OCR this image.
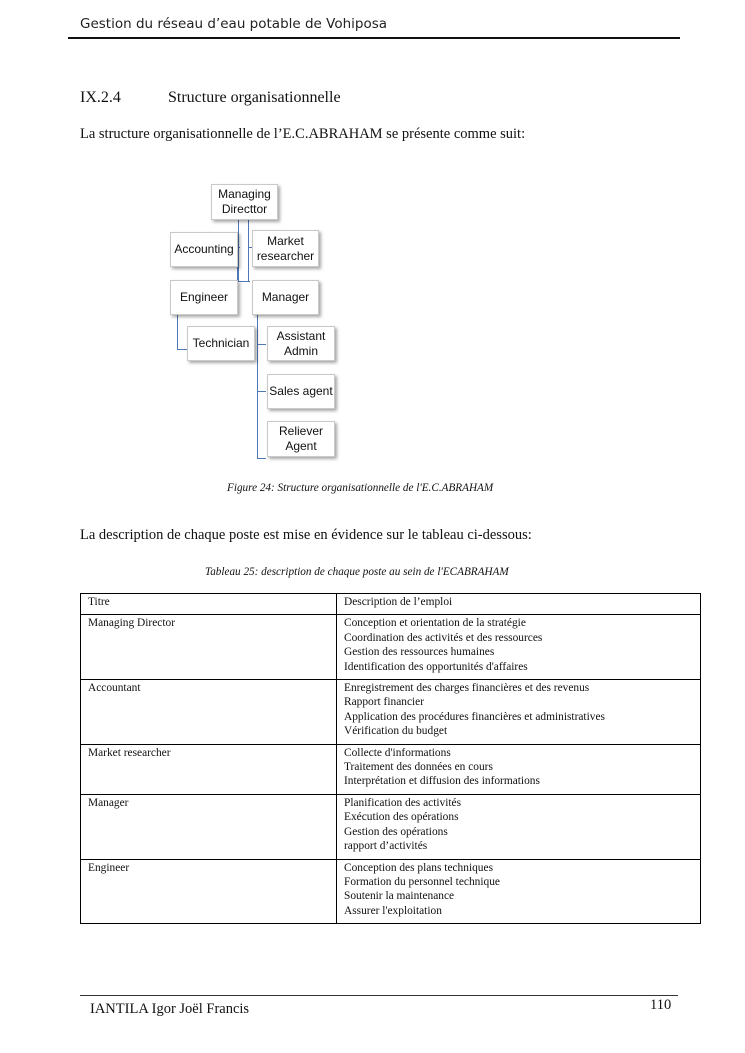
Gestion du réseau d’eau potable de Vohiposa
IX.2.4	Structure organisationnelle
La structure organisationnelle de l’E.C.ABRAHAM se présente comme suit:
Managing
Directtor
Accounting
Market
researcher
Engineer	Manager
Technician
Assistant
Admin
Sales agent
Reliever
Agent
Figure 24: Structure organisationnelle de l'E.C.ABRAHAM
La description de chaque poste est mise en évidence sur le tableau ci-dessous:
Tableau 25: description de chaque poste au sein de l'ECABRAHAM
Titre	Description de l’emploi
Managing Director	Conception et orientation de la stratégie
Coordination des activités et des ressources
Gestion des ressources humaines
Identification des opportunités d'affaires

Accountant	Enregistrement des charges financières et des revenus
Rapport financier
Application des procédures financières et administratives
Vérification du budget

Market researcher	Collecte d'informations
Traitement des données en cours
Interprétation et diffusion des informations

Manager	Planification des activités
Exécution des opérations
Gestion des opérations
rapport d’activités

Engineer	Conception des plans techniques
Formation du personnel technique
Soutenir la maintenance
Assurer l'exploitation
IANTILA Igor Joël Francis	110
